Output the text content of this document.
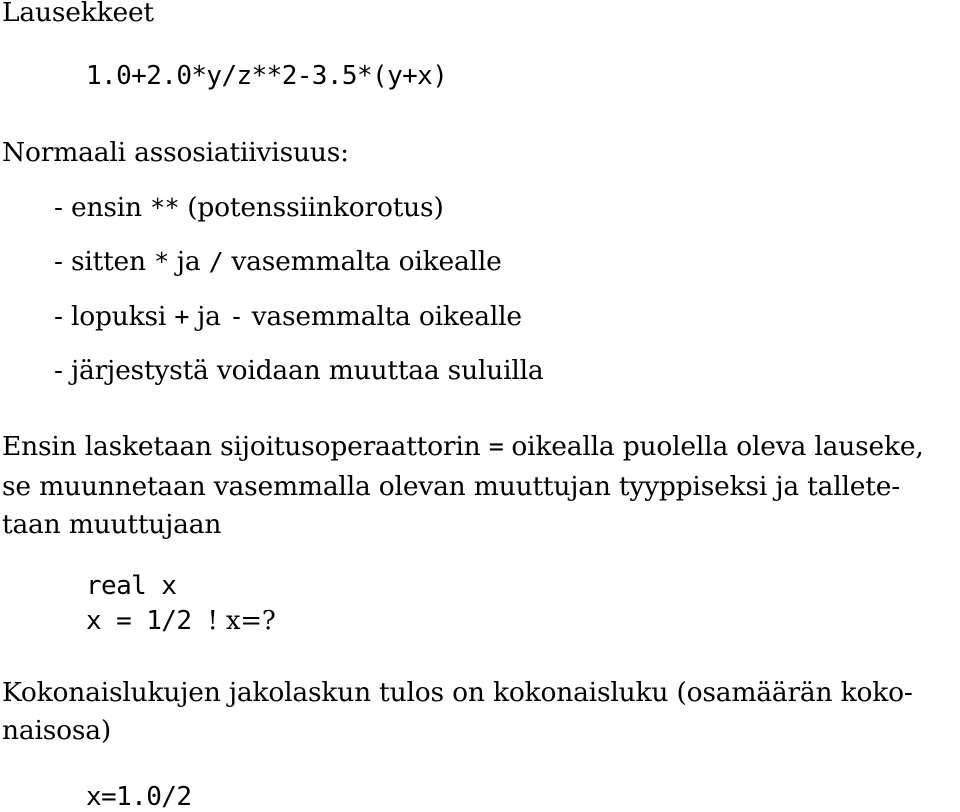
Lausekkeet
1.0+2.0*y/z**2-3.5*(y+x)
Normaali assosiatiivisuus:
- ensin ** (potenssiinkorotus)
- sitten * ja / vasemmalta oikealle
- lopuksi + ja - vasemmalta oikealle
- järjestystä voidaan muuttaa suluilla
Ensin lasketaan sijoitusoperaattorin = oikealla puolella oleva lauseke,
se muunnetaan vasemmalla olevan muuttujan tyyppiseksi ja tallete-
taan muuttujaan
real x
x = 1/2 ! x=?
Kokonaislukujen jakolaskun tulos on kokonaisluku (osamäärän koko-
naisosa)
x=1.0/2
